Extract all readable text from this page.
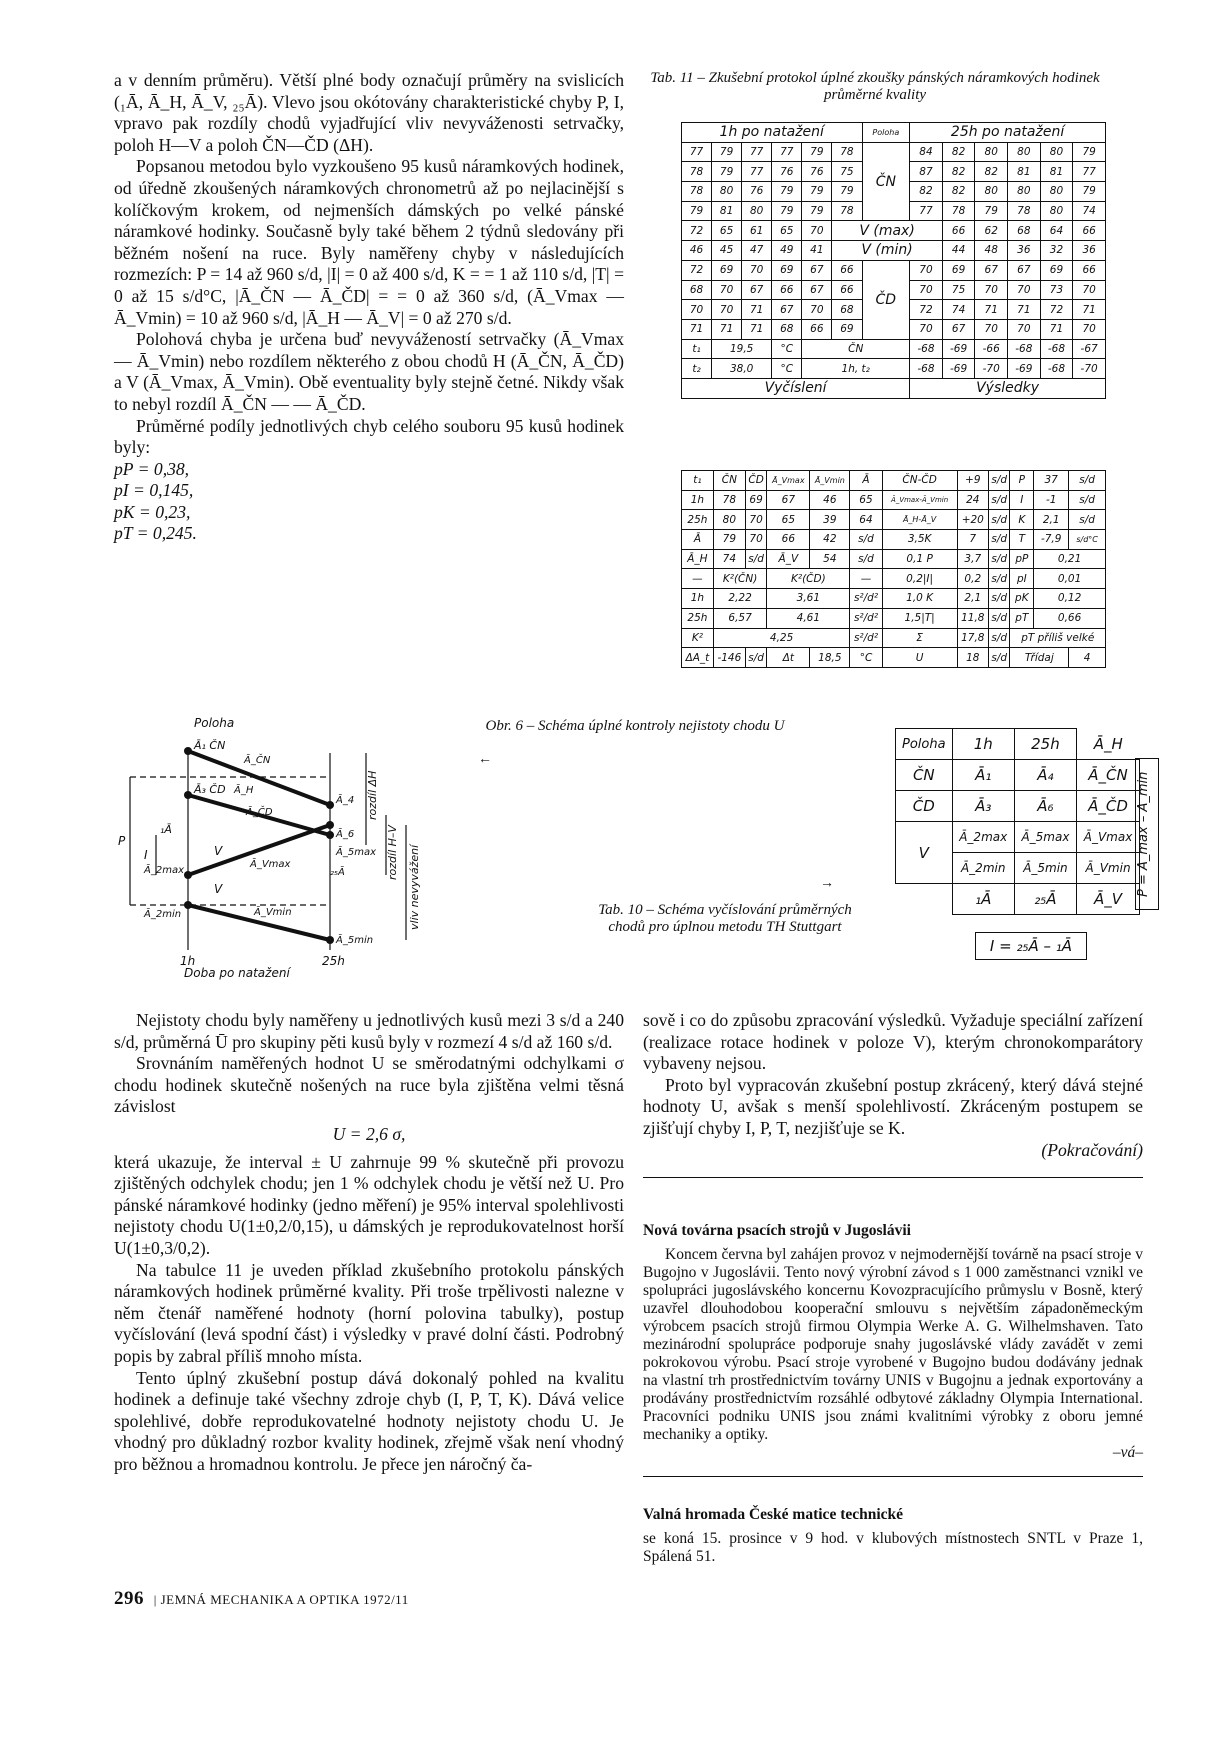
a v denním průměru). Větší plné body označují průměry na svislicích (₁Ā, Ā_H, Ā_V, ₂₅Ā). Vlevo jsou okótovány charakteristické chyby P, I, vpravo pak rozdíly chodů vyjadřující vliv nevyváženosti setrvačky, poloh H—V a poloh ČN—ČD (ΔH).

Popsanou metodou bylo vyzkoušeno 95 kusů náramkových hodinek, od úředně zkoušených náramkových chronometrů až po nejlacinější s kolíčkovým krokem, od nejmenších dámských po velké pánské náramkové hodinky. Současně byly také během 2 týdnů sledovány při běžném nošení na ruce. Byly naměřeny chyby v následujících rozmezích: P = 14 až 960 s/d, |I| = 0 až 400 s/d, K = = 1 až 110 s/d, |T| = 0 až 15 s/d°C, |Ā_ČN — Ā_ČD| = = 0 až 360 s/d, (Ā_Vmax — Ā_Vmin) = 10 až 960 s/d, |Ā_H — Ā_V| = 0 až 270 s/d.

Polohová chyba je určena buď nevyvážeností setrvačky (Ā_Vmax — Ā_Vmin) nebo rozdílem některého z obou chodů H (Ā_ČN, Ā_ČD) a V (Ā_Vmax, Ā_Vmin). Obě eventuality byly stejně četné. Nikdy však to nebyl rozdíl Ā_ČN — — Ā_ČD.

Průměrné podíly jednotlivých chyb celého souboru 95 kusů hodinek byly:

pP = 0,38,
pI = 0,145,
pK = 0,23,
pT = 0,245.
Tab. 11 – Zkušební protokol úplné zkoušky pánských náramkových hodinek průměrné kvality
1h po natažení						Poloha	25h po natažení					
77	79	77	77	79	78	ČN	84	82	80	80	80	79
78	79	77	76	76	75		87	82	82	81	81	77
78	80	76	79	79	79		82	82	80	80	80	79
79	81	80	79	79	78		77	78	79	78	80	74
72	65	61	65	70	V (max)			66	62	68	64	66
46	45	47	49	41	V (min)			44	48	36	32	36
72	69	70	69	67	66	ČD	70	69	67	67	69	66
68	70	67	66	67	66		70	75	70	70	73	70
70	70	71	67	70	68		72	74	71	71	72	71
71	71	71	68	66	69		70	67	70	70	71	70
t₁	19,5		°C	ČN			-68	-69	-66	-68	-68	-67
t₂	38,0		°C	1h, t₂			-68	-69	-70	-69	-68	-70
Vyčíslení							Výsledky					
t₁	ČN	ČD	Ā_Vmax	Ā_Vmin	Ā	ČN-ČD	+9	s/d	P	37	s/d
1h	78	69	67	46	65	Ā_Vmax-Ā_Vmin	24	s/d	I	-1	s/d
25h	80	70	65	39	64	Ā_H-Ā_V	+20	s/d	K	2,1	s/d
Ā	79	70	66	42	s/d	3,5K	7	s/d	T	-7,9	s/d°C
Ā_H	74	s/d	Ā_V	54	s/d	0,1 P	3,7	s/d	pP	0,21	
—	K²(ČN)		K²(ČD)		—	0,2|I|	0,2	s/d	pI	0,01	
1h	2,22		3,61		s²/d²	1,0 K	2,1	s/d	pK	0,12	
25h	6,57		4,61		s²/d²	1,5|T|	11,8	s/d	pT	0,66	
K²	4,25				s²/d²	Σ	17,8	s/d	pT příliš velké		
ΔA_t	-146	s/d	Δt	18,5	°C	U	18	s/d	Třídaj		4
Poloha
Doba po natažení
1h	25h
P
I
Ā₁ ČN
Ā₃ ČD
₁Ā
Ā_2max
Ā_2min
Ā_ČN
Ā_H
Ā_4
Ā_ČD
Ā_6
Ā_5max
Ā_Vmax
₂₅Ā
Ā_Vmin
Ā_5min
V
V
rozdíl ΔH
rozdíl H–V vliv nevyvážení
Obr. 6 – Schéma úplné kontroly nejistoty chodu U
←
Poloha	1h	25h	Ā_H
ČN	Ā₁	Ā₄	Ā_ČN
ČD	Ā₃	Ā₆	Ā_ČD
V	Ā_2max	Ā_5max	Ā_Vmax
	Ā_2min	Ā_5min	Ā_Vmin
	₁Ā	₂₅Ā	Ā_V
I = ₂₅Ā – ₁Ā
P = Ā_max – Ā_min
Tab. 10 – Schéma vyčíslování průměrných chodů pro úplnou metodu TH Stuttgart
→

Nejistoty chodu byly naměřeny u jednotlivých kusů mezi 3 s/d a 240 s/d, průměrná Ū pro skupiny pěti kusů byly v rozmezí 4 s/d až 160 s/d.

Srovnáním naměřených hodnot U se směrodatnými odchylkami σ chodu hodinek skutečně nošených na ruce byla zjištěna velmi těsná závislost

U = 2,6 σ,

která ukazuje, že interval ± U zahrnuje 99 % skutečně při provozu zjištěných odchylek chodu; jen 1 % odchylek chodu je větší než U. Pro pánské náramkové hodinky (jedno měření) je 95% interval spolehlivosti nejistoty chodu U(1±0,2/0,15), u dámských je reprodukovatelnost horší U(1±0,3/0,2).

Na tabulce 11 je uveden příklad zkušebního protokolu pánských náramkových hodinek průměrné kvality. Při troše trpělivosti nalezne v něm čtenář naměřené hodnoty (horní polovina tabulky), postup vyčíslování (levá spodní část) i výsledky v pravé dolní části. Podrobný popis by zabral příliš mnoho místa.

Tento úplný zkušební postup dává dokonalý pohled na kvalitu hodinek a definuje také všechny zdroje chyb (I, P, T, K). Dává velice spolehlivé, dobře reprodukovatelné hodnoty nejistoty chodu U. Je vhodný pro důkladný rozbor kvality hodinek, zřejmě však není vhodný pro běžnou a hromadnou kontrolu. Je přece jen náročný ča-

sově i co do způsobu zpracování výsledků. Vyžaduje speciální zařízení (realizace rotace hodinek v poloze V), kterým chronokomparátory vybaveny nejsou.

Proto byl vypracován zkušební postup zkrácený, který dává stejné hodnoty U, avšak s menší spolehlivostí. Zkráceným postupem se zjišťují chyby I, P, T, nezjišťuje se K.

(Pokračování)

Nová továrna psacích strojů v Jugoslávii

Koncem června byl zahájen provoz v nejmodernější továrně na psací stroje v Bugojno v Jugoslávii. Tento nový výrobní závod s 1 000 zaměstnanci vznikl ve spolupráci jugoslávského koncernu Kovozpracujícího průmyslu v Bosně, který uzavřel dlouhodobou kooperační smlouvu s největším západoněmeckým výrobcem psacích strojů firmou Olympia Werke A. G. Wilhelmshaven. Tato mezinárodní spolupráce podporuje snahy jugoslávské vlády zavádět v zemi pokrokovou výrobu. Psací stroje vyrobené v Bugojno budou dodávány jednak na vlastní trh prostřednictvím továrny UNIS v Bugojnu a jednak exportovány a prodávány prostřednictvím rozsáhlé odbytové základny Olympia International. Pracovníci podniku UNIS jsou známi kvalitními výrobky z oboru jemné mechaniky a optiky.

–vá–

Valná hromada České matice technické

se koná 15. prosince v 9 hod. v klubových místnostech SNTL v Praze 1, Spálená 51.

296 | JEMNÁ MECHANIKA A OPTIKA 1972/11
